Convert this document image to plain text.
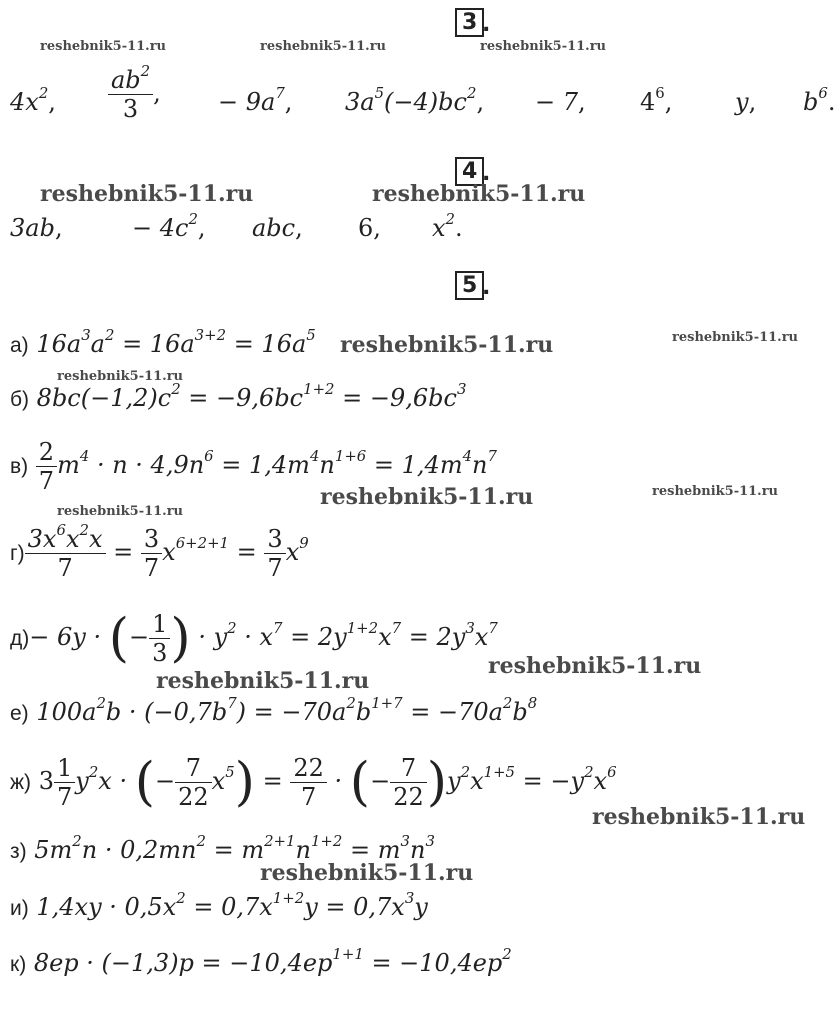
3 .
reshebnik5-11.ru	reshebnik5-11.ru	reshebnik5-11.ru
$4x^2$, $\frac{ab^2}{3}$ , − $9a^7$, $3a^5(-4)bc^2$, − 7, $4^6$,	y, $b^6$.
4 .
reshebnik5-11.ru	reshebnik5-11.ru
3ab,	− $4c^2$, abc, 6, $x^2$.
5 .
а) $16a^3a^2 = 16a^{3+2} = 16a^5$ reshebnik5-11.ru	reshebnik5-11.ru
reshebnik5-11.ru
б) $8bc(-1,2)c^2 = -9,6bc^{1+2} = -9,6bc^3$
$в) \frac{2}{7} m^4 \cdot n \cdot 4,9n^6 = 1,4m^4n^{1+6} = 1,4m^4n^7$
reshebnik5-11.ru	reshebnik5-11.ru
reshebnik5-11.ru
$г) \frac{3x^6x^2x}{7} = \frac{3}{7} x^{6+2+1} = \frac{3}{7} x^9$
д)− 6y · (− $\frac{1}{3}$ ) · $y^2 \cdot x^7 = 2y^{1+2}x^7 = 2y^3x^7$
reshebnik5-11.ru
reshebnik5-11.ru
е) $100a^2b \cdot (-0,7b^7) = -70a^2b^{1+7} = -70a^2b^8$
ж) $3 \frac{1}{7} y^2x$ · (− $\frac{7}{22} x^5) = \frac{22}{7}$ · (− $\frac{7}{22} )y^2x^{1+5} = -y^2x^6$
reshebnik5-11.ru
з) $5m^2n \cdot 0,2mn^2 = m^{2+1}n^{1+2} = m^3n^3$
reshebnik5-11.ru
и) $1,4xy \cdot 0,5x^2 = 0,7x^{1+2}y = 0,7x^3y$
к) $8ep \cdot (-1,3)p = -10,4ep^{1+1} = -10,4ep^2$
